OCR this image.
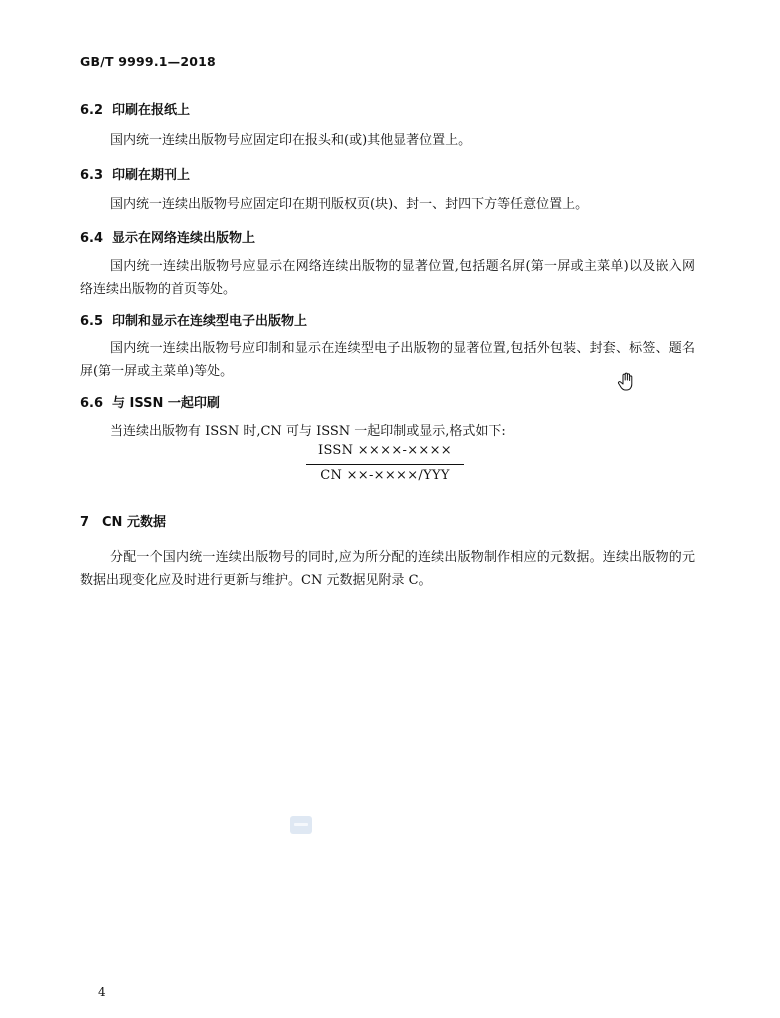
GB/T 9999.1—2018
6.2 印刷在报纸上
国内统一连续出版物号应固定印在报头和(或)其他显著位置上。
6.3 印刷在期刊上
国内统一连续出版物号应固定印在期刊版权页(块)、封一、封四下方等任意位置上。
6.4 显示在网络连续出版物上
国内统一连续出版物号应显示在网络连续出版物的显著位置,包括题名屏(第一屏或主菜单)以及嵌入网络连续出版物的首页等处。
6.5 印制和显示在连续型电子出版物上
国内统一连续出版物号应印制和显示在连续型电子出版物的显著位置,包括外包装、封套、标签、题名屏(第一屏或主菜单)等处。
6.6 与 ISSN 一起印刷
当连续出版物有 ISSN 时,CN 可与 ISSN 一起印制或显示,格式如下:
ISSN ××××-××××
CN ××-××××/YYY
7 CN 元数据
分配一个国内统一连续出版物号的同时,应为所分配的连续出版物制作相应的元数据。连续出版物的元数据出现变化应及时进行更新与维护。CN 元数据见附录 C。
4
